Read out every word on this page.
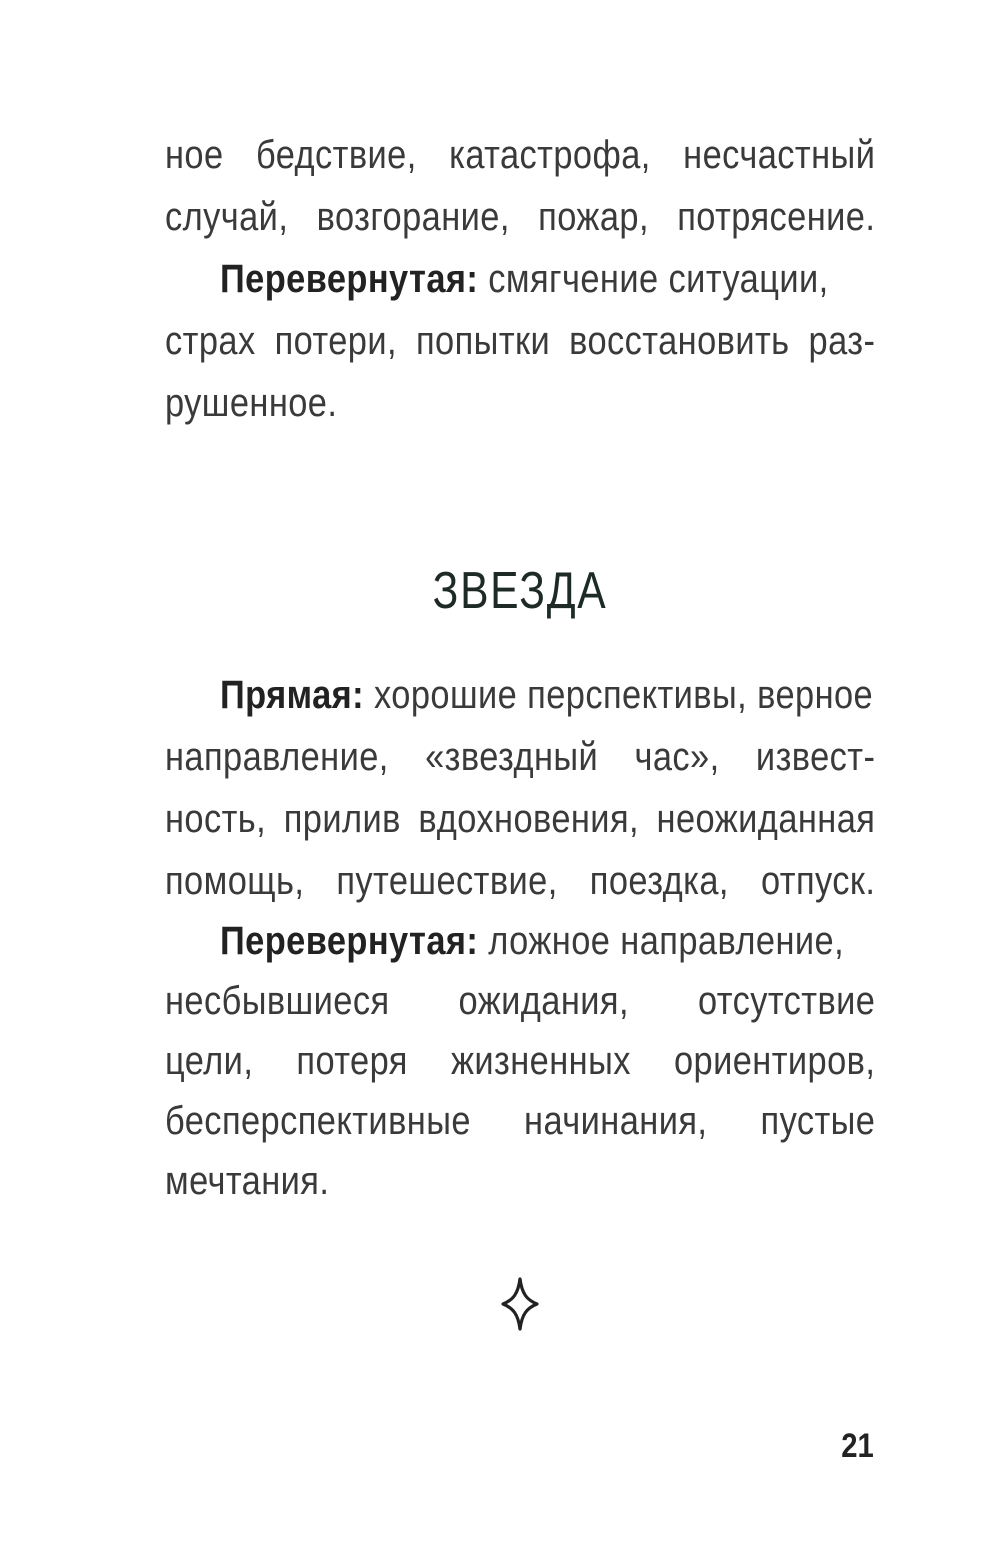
ное бедствие, катастрофа, несчастный
случай, возгорание, пожар, потрясение.
Перевернутая: смягчение ситуации,
страх потери, попытки восстановить раз-
рушенное.
ЗВЕЗДА
Прямая: хорошие перспективы, верное
направление, «звездный час», извест-
ность, прилив вдохновения, неожиданная
помощь, путешествие, поездка, отпуск.
Перевернутая: ложное направление,
несбывшиеся ожидания, отсутствие
цели, потеря жизненных ориентиров,
бесперспективные начинания, пустые
мечтания.
21
